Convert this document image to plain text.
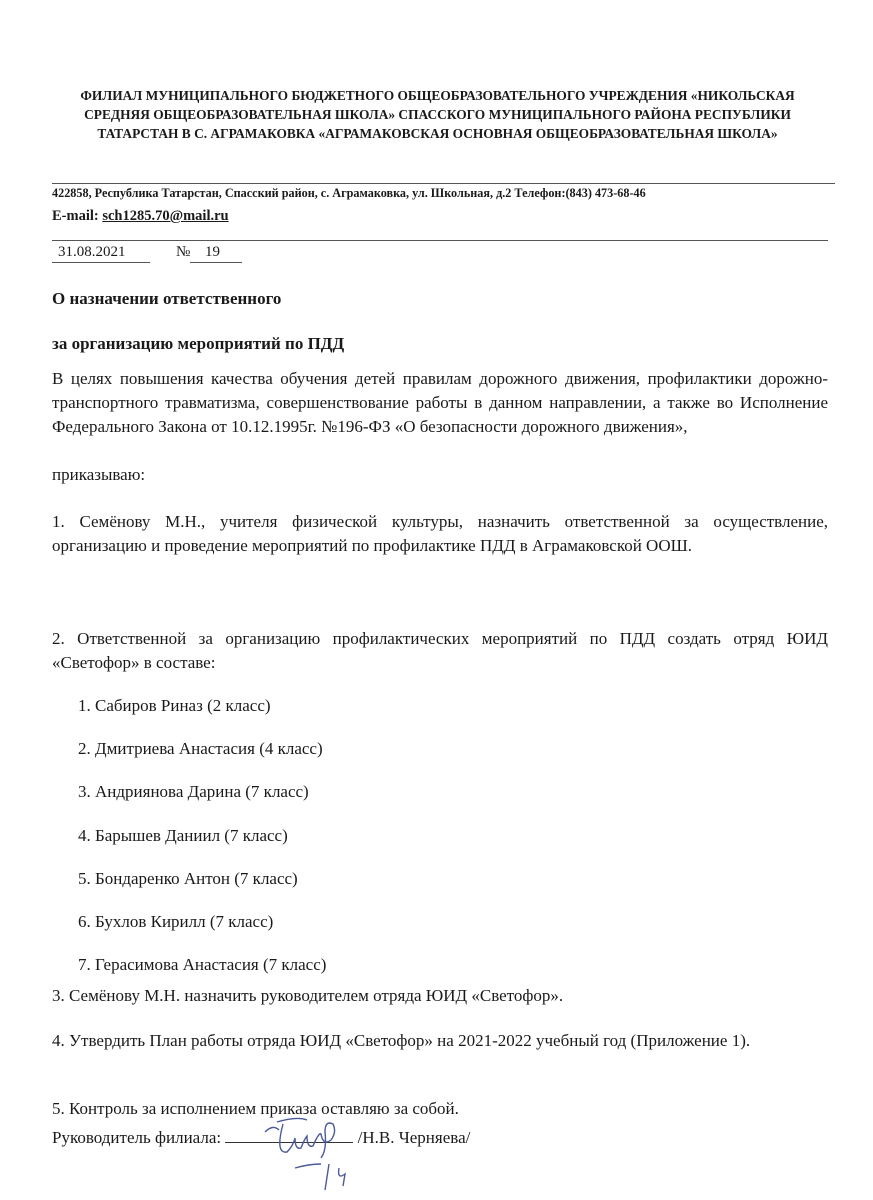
ФИЛИАЛ МУНИЦИПАЛЬНОГО БЮДЖЕТНОГО ОБЩЕОБРАЗОВАТЕЛЬНОГО УЧРЕЖДЕНИЯ «НИКОЛЬСКАЯ
СРЕДНЯЯ ОБЩЕОБРАЗОВАТЕЛЬНАЯ ШКОЛА» СПАССКОГО МУНИЦИПАЛЬНОГО РАЙОНА РЕСПУБЛИКИ
ТАТАРСТАН В С. АГРАМАКОВКА «АГРАМАКОВСКАЯ ОСНОВНАЯ ОБЩЕОБРАЗОВАТЕЛЬНАЯ ШКОЛА»
422858, Республика Татарстан, Спасский район, с. Аграмаковка, ул. Школьная, д.2 Телефон:(843) 473-68-46
E-mail: sch1285.70@mail.ru
31.08.2021	№ 19
О назначении ответственного
за организацию мероприятий по ПДД
В целях повышения качества обучения детей правилам дорожного движения, профилактики дорожно-транспортного травматизма, совершенствование работы в данном направлении, а также во Исполнение Федерального Закона от 10.12.1995г. №196-ФЗ «О безопасности дорожного движения»,
приказываю:
1. Семёнову М.Н., учителя физической культуры, назначить ответственной за осуществление, организацию и проведение мероприятий по профилактике ПДД в Аграмаковской ООШ.
2. Ответственной за организацию профилактических мероприятий по ПДД создать отряд ЮИД «Светофор» в составе:
1. Сабиров Риназ (2 класс)
2. Дмитриева Анастасия (4 класс)
3. Андриянова Дарина (7 класс)
4. Барышев Даниил (7 класс)
5. Бондаренко Антон (7 класс)
6. Бухлов Кирилл (7 класс)
7. Герасимова Анастасия (7 класс)
3. Семёнову М.Н. назначить руководителем отряда ЮИД «Светофор».
4. Утвердить План работы отряда ЮИД «Светофор» на 2021-2022 учебный год (Приложение 1).
5. Контроль за исполнением приказа оставляю за собой.
Руководитель филиала:	/Н.В. Черняева/
